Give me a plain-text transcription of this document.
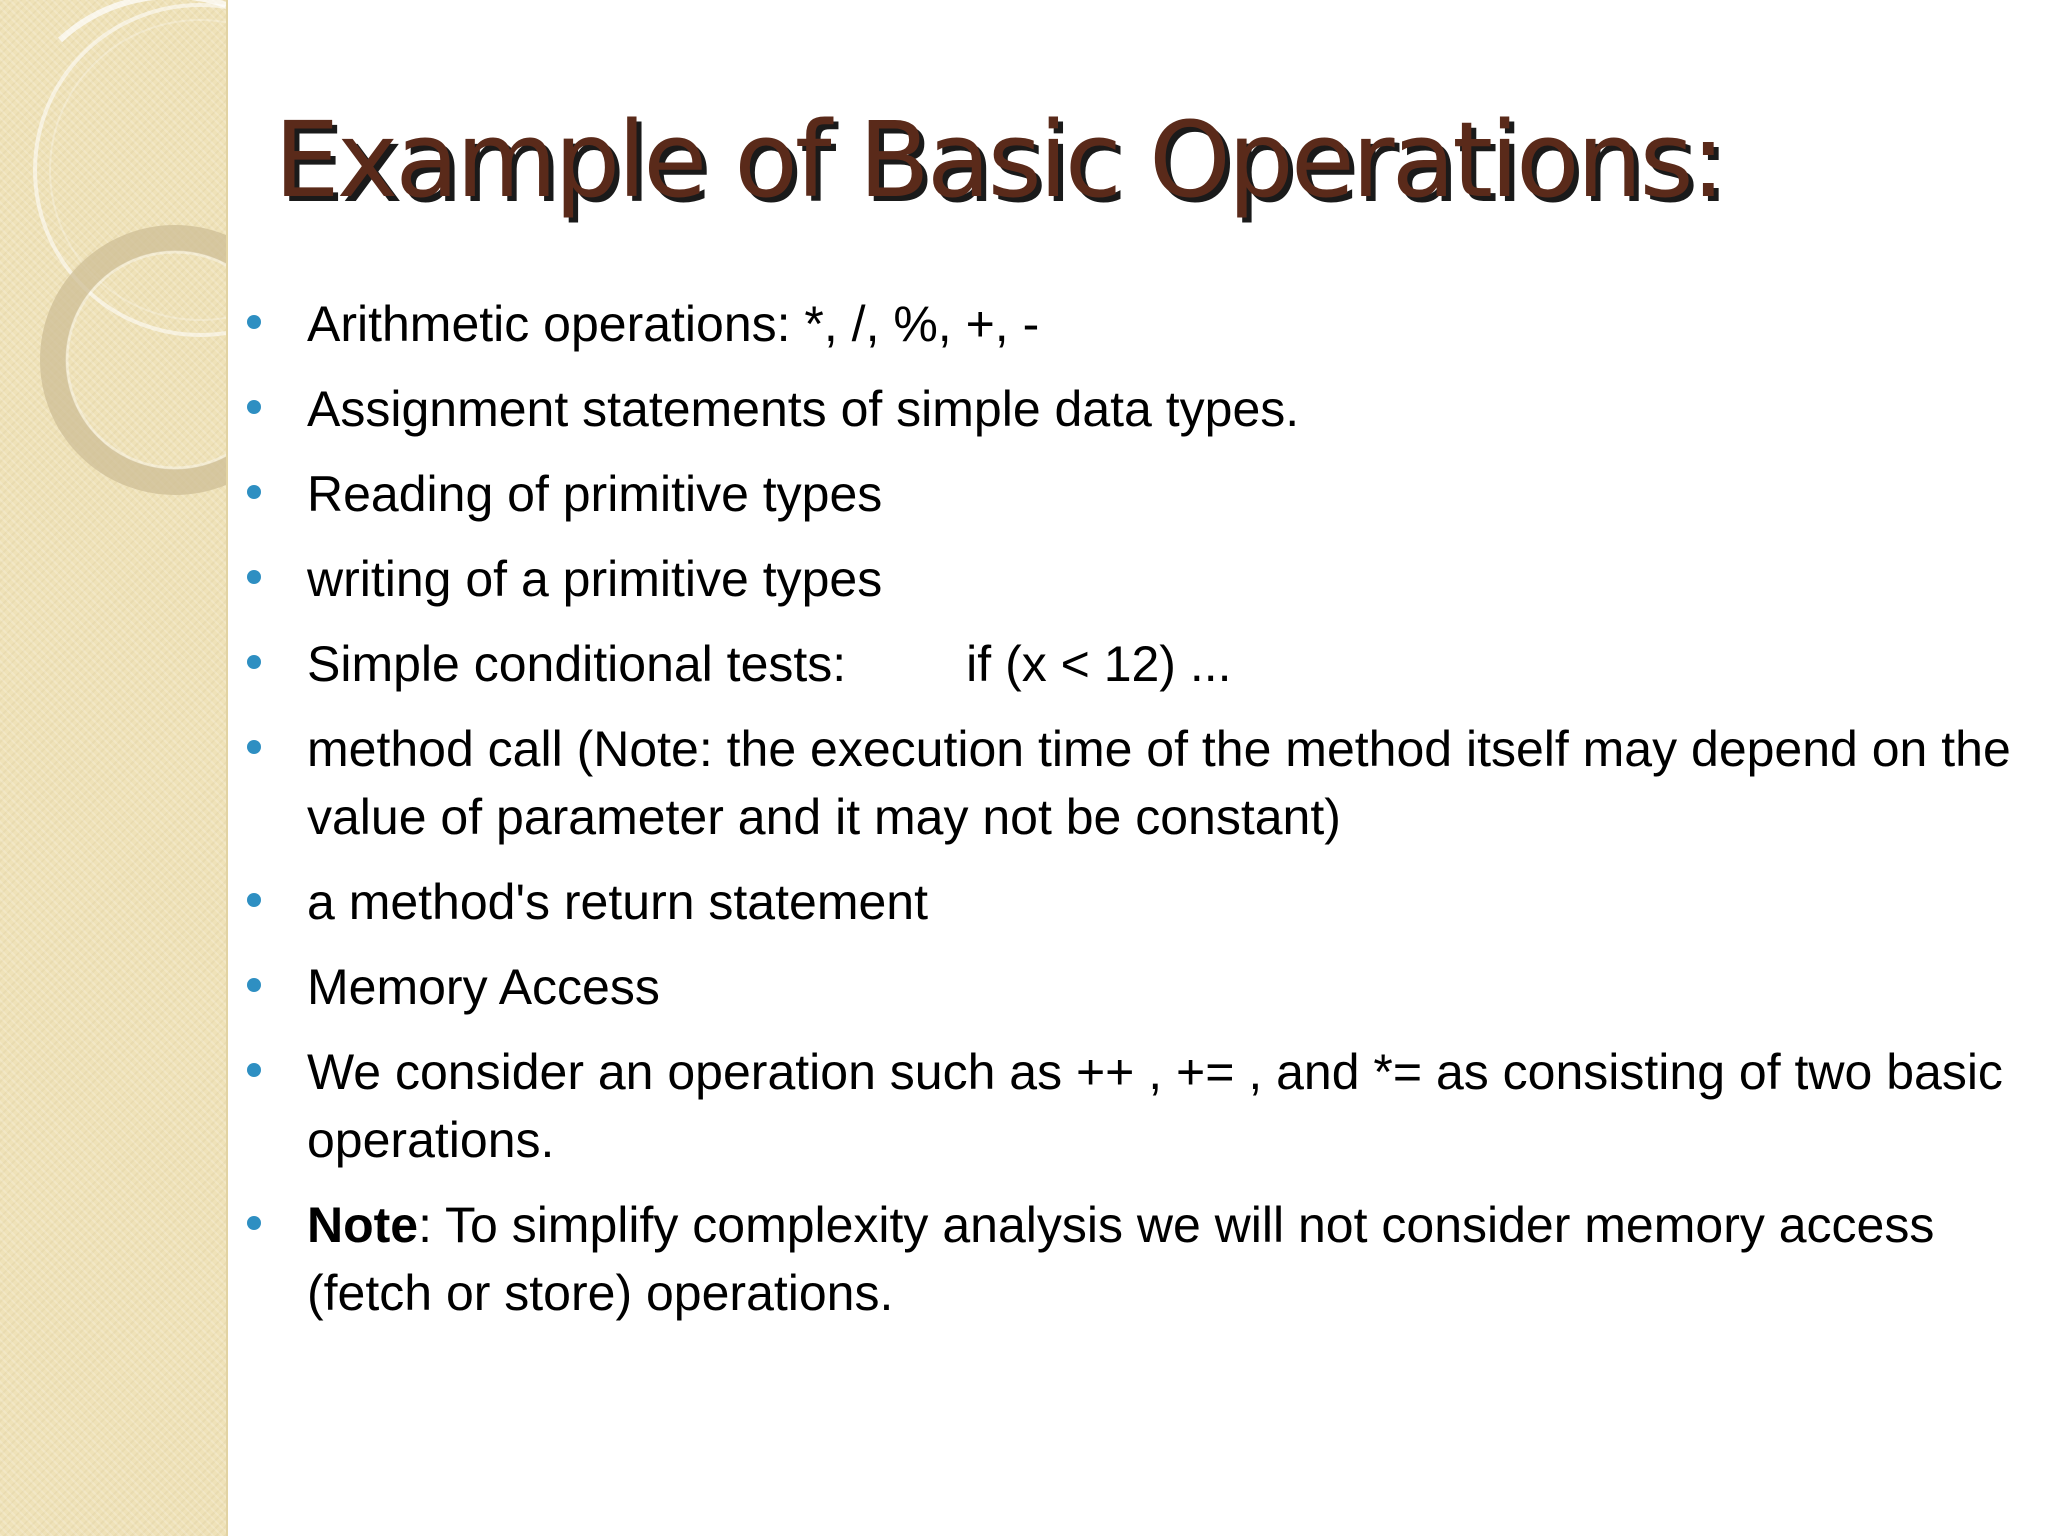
Example of Basic Operations:
Arithmetic operations: *, /, %, +, -
Assignment statements of simple data types.
Reading of primitive types
writing of a primitive types
Simple conditional tests: if (x < 12) ...
method call (Note: the execution time of the method itself may depend on the value of parameter and it may not be constant)
a method's return statement
Memory Access
We consider an operation such as ++ , += , and *= as consisting of two basic operations.
Note: To simplify complexity analysis we will not consider memory access (fetch or store) operations.
